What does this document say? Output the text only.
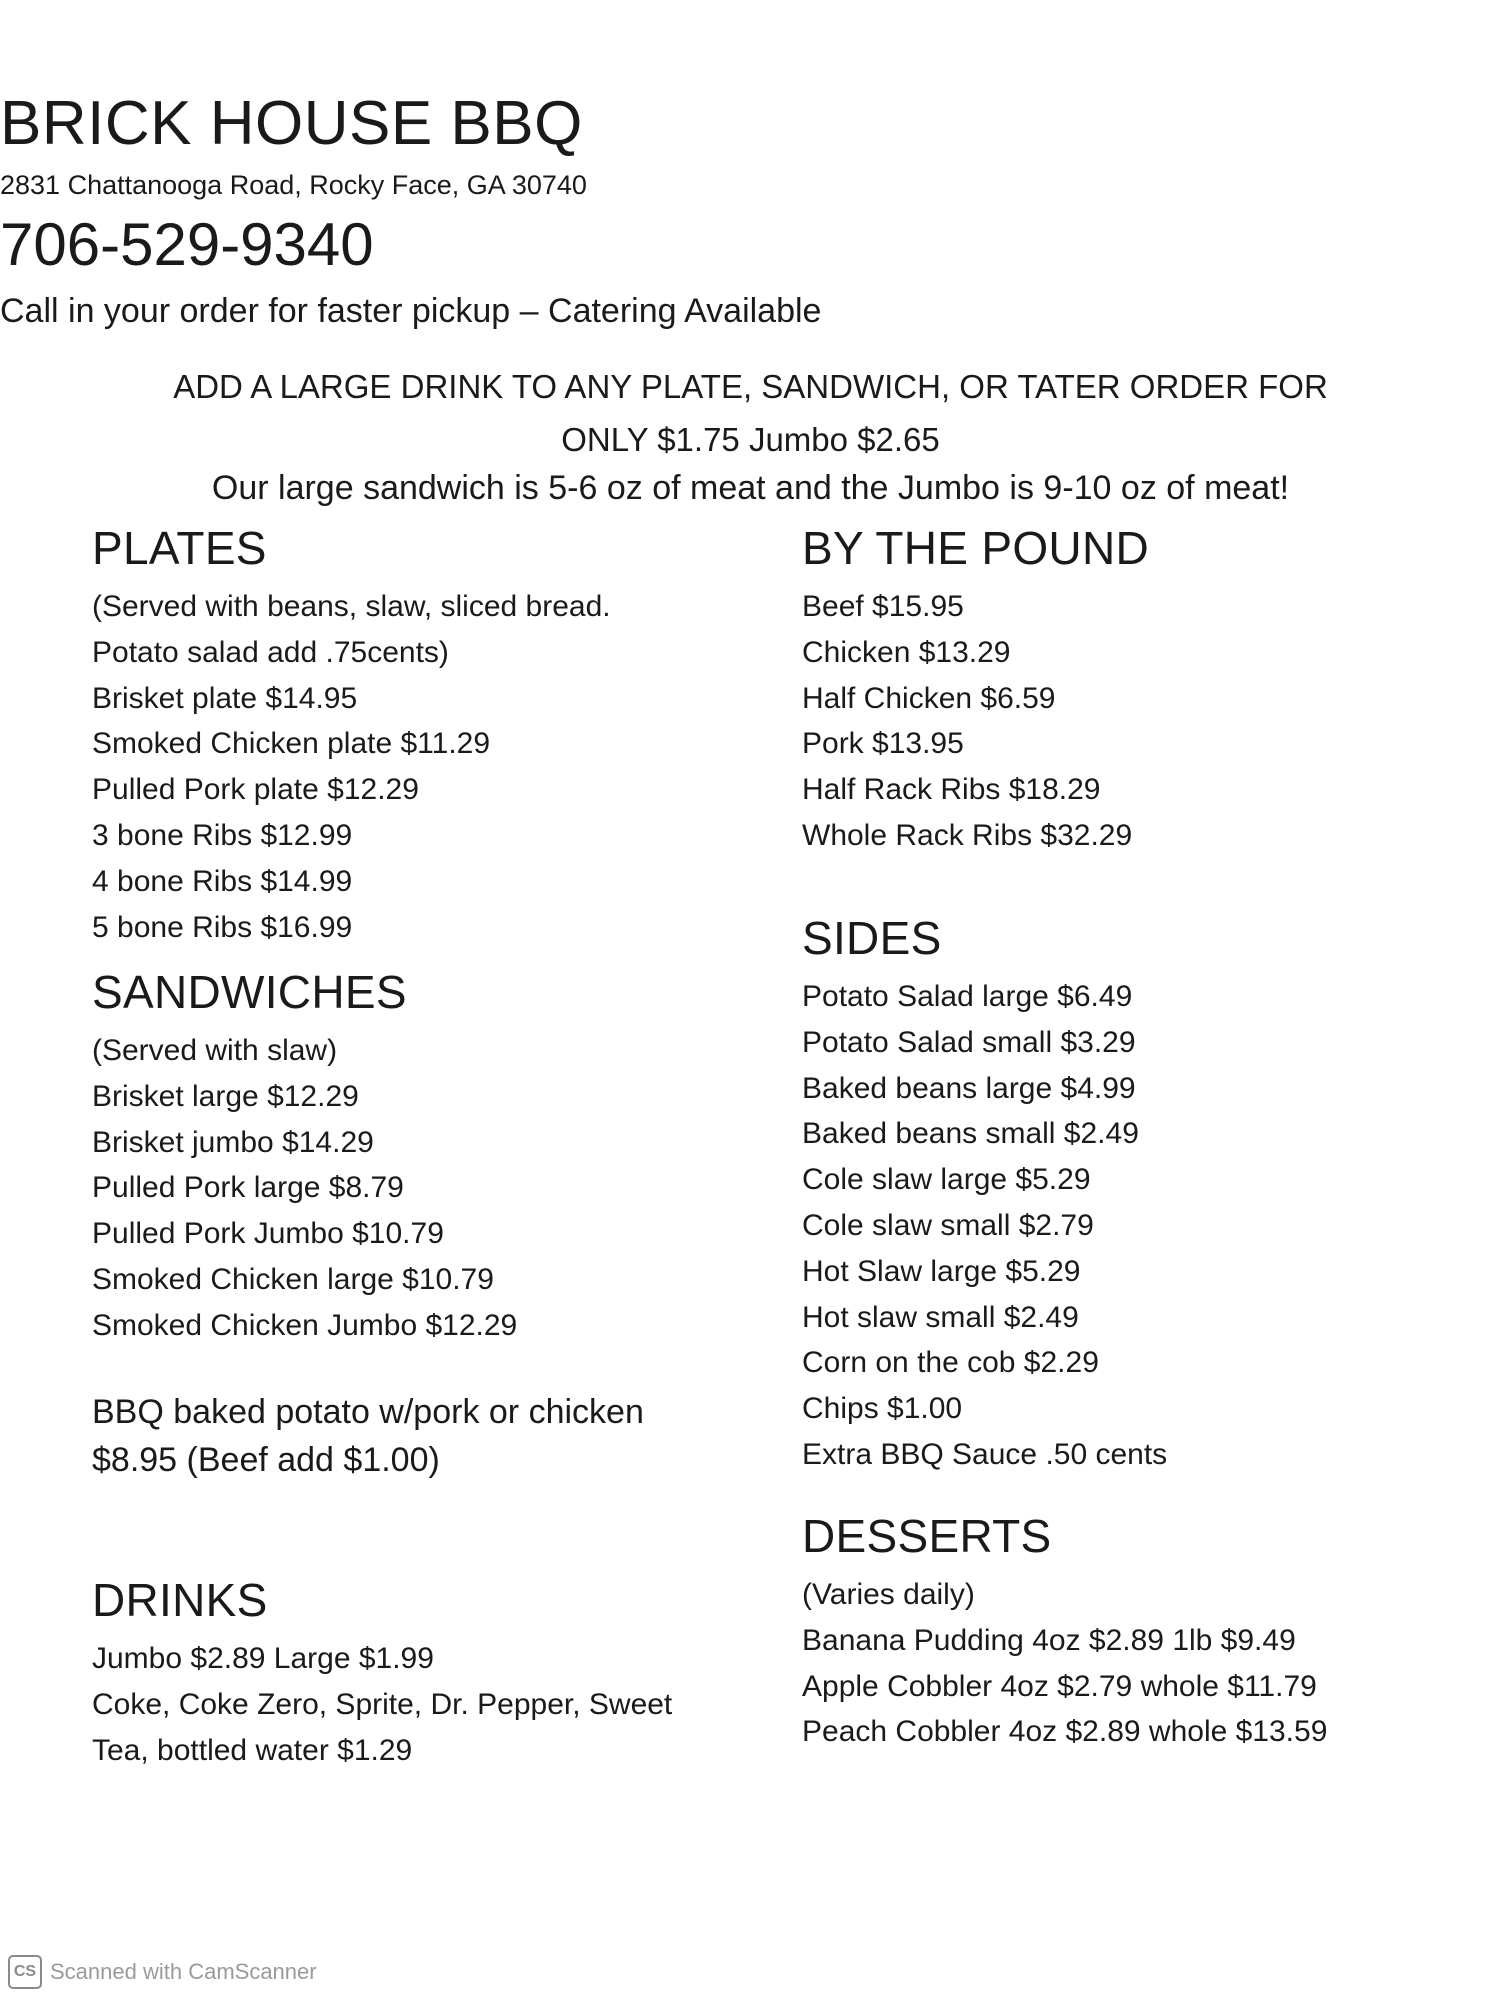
BRICK HOUSE BBQ
2831 Chattanooga Road, Rocky Face, GA 30740
706-529-9340
Call in your order for faster pickup – Catering Available
ADD A LARGE DRINK TO ANY PLATE, SANDWICH, OR TATER ORDER FOR
ONLY $1.75 Jumbo $2.65
Our large sandwich is 5-6 oz of meat and the Jumbo is 9-10 oz of meat!
PLATES
(Served with beans, slaw, sliced bread.
Potato salad add .75cents)
Brisket plate $14.95
Smoked Chicken plate $11.29
Pulled Pork plate $12.29
3 bone Ribs $12.99
4 bone Ribs $14.99
5 bone Ribs $16.99
SANDWICHES
(Served with slaw)
Brisket large $12.29
Brisket jumbo $14.29
Pulled Pork large $8.79
Pulled Pork Jumbo $10.79
Smoked Chicken large $10.79
Smoked Chicken Jumbo $12.29
BBQ baked potato w/pork or chicken
$8.95 (Beef add $1.00)
DRINKS
Jumbo $2.89 Large $1.99
Coke, Coke Zero, Sprite, Dr. Pepper, Sweet
Tea, bottled water $1.29
BY THE POUND
Beef $15.95
Chicken $13.29
Half Chicken $6.59
Pork $13.95
Half Rack Ribs $18.29
Whole Rack Ribs $32.29
SIDES
Potato Salad large $6.49
Potato Salad small $3.29
Baked beans large $4.99
Baked beans small $2.49
Cole slaw large $5.29
Cole slaw small $2.79
Hot Slaw large $5.29
Hot slaw small $2.49
Corn on the cob $2.29
Chips $1.00
Extra BBQ Sauce .50 cents
DESSERTS
(Varies daily)
Banana Pudding 4oz $2.89 1lb $9.49
Apple Cobbler 4oz $2.79 whole $11.79
Peach Cobbler 4oz $2.89 whole $13.59
CS Scanned with CamScanner
